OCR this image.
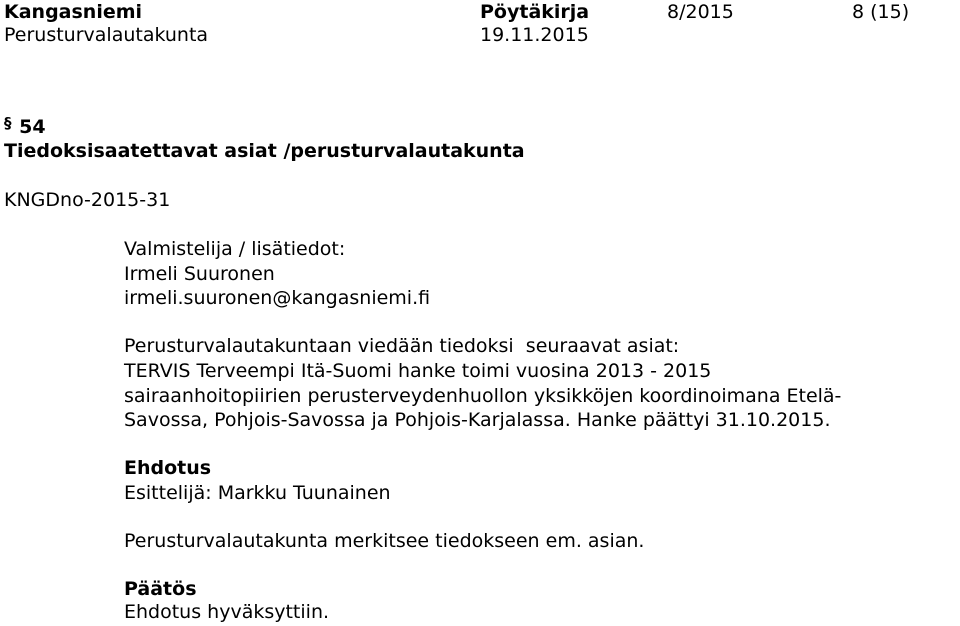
Kangasniemi	Pöytäkirja	8/2015	8 (15)
Perusturvalautakunta	19.11.2015
§ 54
Tiedoksisaatettavat asiat /perusturvalautakunta
KNGDno-2015-31
Valmistelija / lisätiedot:
Irmeli Suuronen
irmeli.suuronen@kangasniemi.fi
Perusturvalautakuntaan viedään tiedoksi  seuraavat asiat:
TERVIS Terveempi Itä-Suomi hanke toimi vuosina 2013 - 2015
sairaanhoitopiirien perusterveydenhuollon yksikköjen koordinoimana Etelä-
Savossa, Pohjois-Savossa ja Pohjois-Karjalassa. Hanke päättyi 31.10.2015.
Ehdotus
Esittelijä: Markku Tuunainen
Perusturvalautakunta merkitsee tiedokseen em. asian.
Päätös
Ehdotus hyväksyttiin.
